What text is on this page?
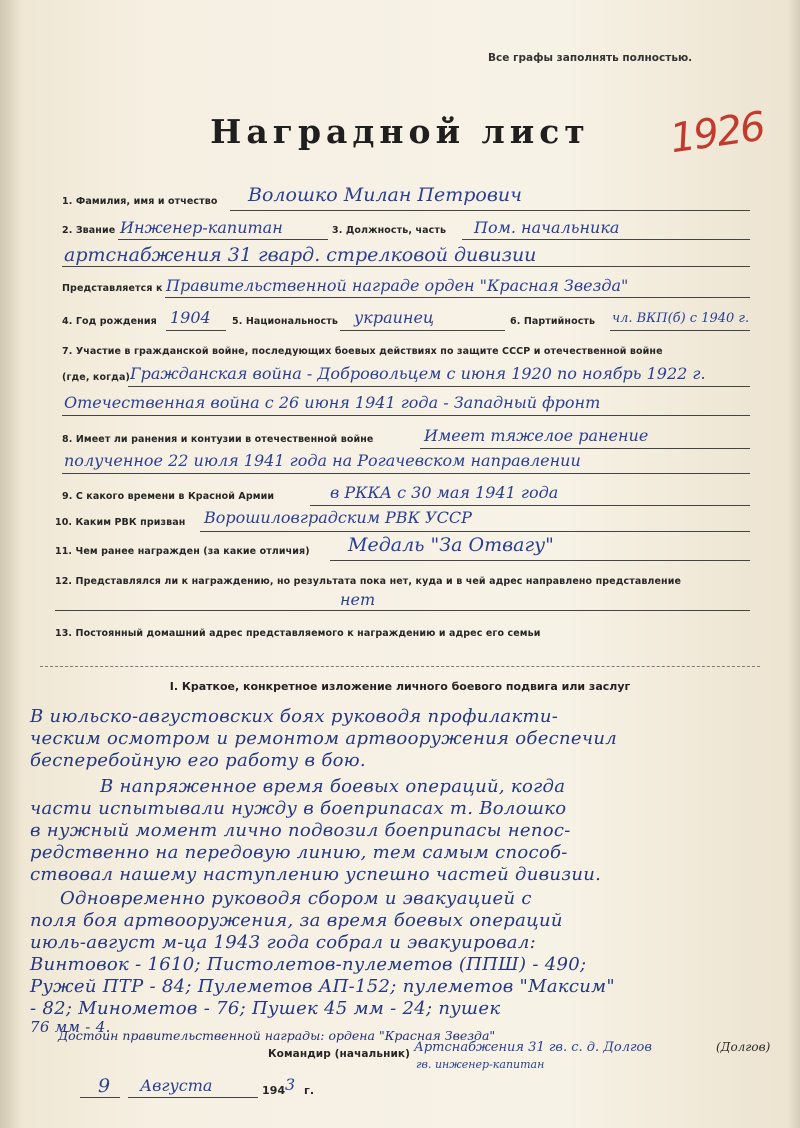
Все графы заполнять полностью.
Наградной лист	1926
1. Фамилия, имя и отчество Волошко Милан Петрович
2. Звание Инженер-капитан	3. Должность, часть Пом. начальника
артснабжения 31 гвард. стрелковой дивизии
Представляется к Правительственной награде орден "Красная Звезда"
4. Год рождения 1904 5. Национальность украинец	6. Партийность чл. ВКП(б) с 1940 г.
7. Участие в гражданской войне, последующих боевых действиях по защите СССР и отечественной войне
(где, когда) Гражданская война - Добровольцем с июня 1920 по ноябрь 1922 г.
Отечественная война с 26 июня 1941 года - Западный фронт
8. Имеет ли ранения и контузии в отечественной войне	Имеет тяжелое ранение
полученное 22 июля 1941 года на Рогачевском направлении
9. С какого времени в Красной Армии	в РККА с 30 мая 1941 года
10. Каким РВК призван Ворошиловградским РВК УССР
11. Чем ранее награжден (за какие отличия) Медаль "За Отвагу"
12. Представлялся ли к награждению, но результата пока нет, куда и в чей адрес направлено представление
нет
13. Постоянный домашний адрес представляемого к награждению и адрес его семьи
I. Краткое, конкретное изложение личного боевого подвига или заслуг
В июльско-августовских боях руководя профилакти-
ческим осмотром и ремонтом артвооружения обеспечил
бесперебойную его работу в бою.
В напряженное время боевых операций, когда
части испытывали нужду в боеприпасах т. Волошко
в нужный момент лично подвозил боеприпасы непос-
редственно на передовую линию, тем самым способ-
ствовал нашему наступлению успешно частей дивизии.
Одновременно руководя сбором и эвакуацией с
поля боя артвооружения, за время боевых операций
июль-август м-ца 1943 года собрал и эвакуировал:
Винтовок - 1610; Пистолетов-пулеметов (ППШ) - 490;
Ружей ПТР - 84; Пулеметов АП-152; пулеметов "Максим"
- 82; Минометов - 76; Пушек 45 мм - 24; пушек
76 мм - 4.
Достоин правительственной награды: ордена "Красная Звезда"
Командир (начальник) Артснабжения 31 гв. с. д. Долгов
гв. инженер-капитан
(Долгов)
9 Августа	194 3 г.
